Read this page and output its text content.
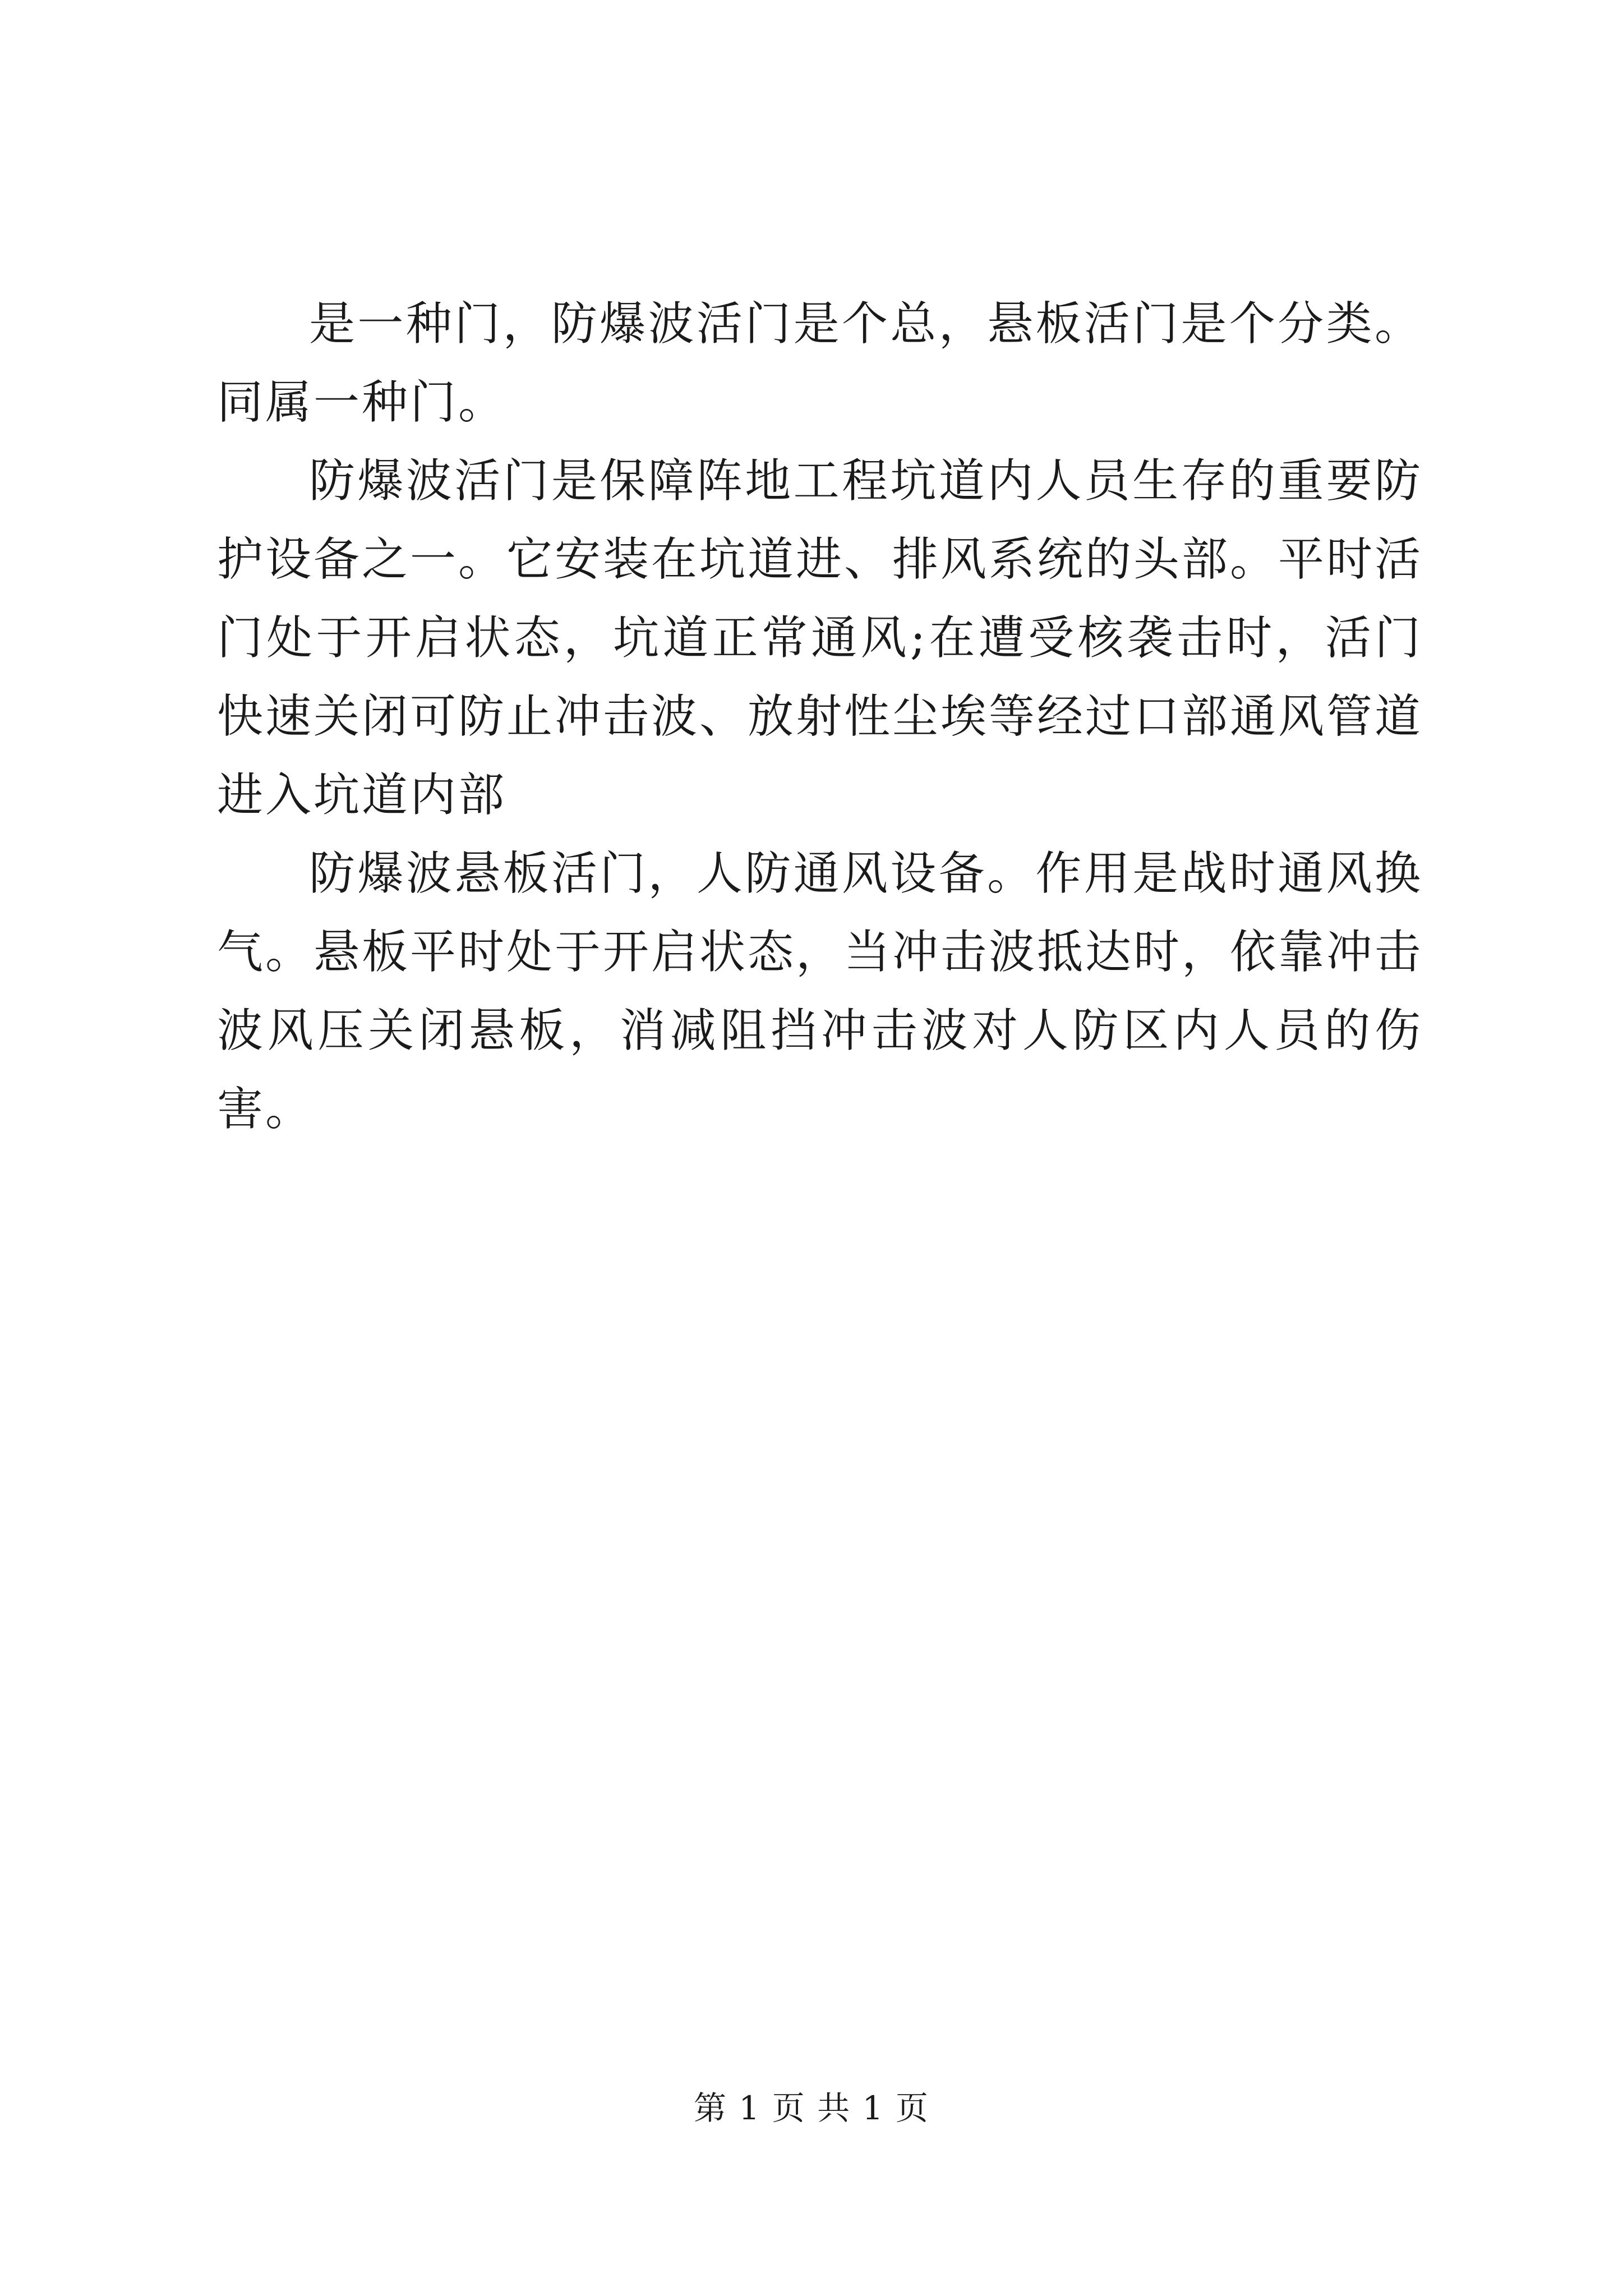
是一种门，防爆波活门是个总，悬板活门是个分类。同属一种门。

防爆波活门是保障阵地工程坑道内人员生存的重要防护设备之一。它安装在坑道进、排风系统的头部。平时活门处于开启状态，坑道正常通风;在遭受核袭击时，活门快速关闭可防止冲击波、放射性尘埃等经过口部通风管道进入坑道内部

防爆波悬板活门，人防通风设备。作用是战时通风换气。悬板平时处于开启状态，当冲击波抵达时，依靠冲击波风压关闭悬板，消减阻挡冲击波对人防区内人员的伤害。

第 1 页 共 1 页
